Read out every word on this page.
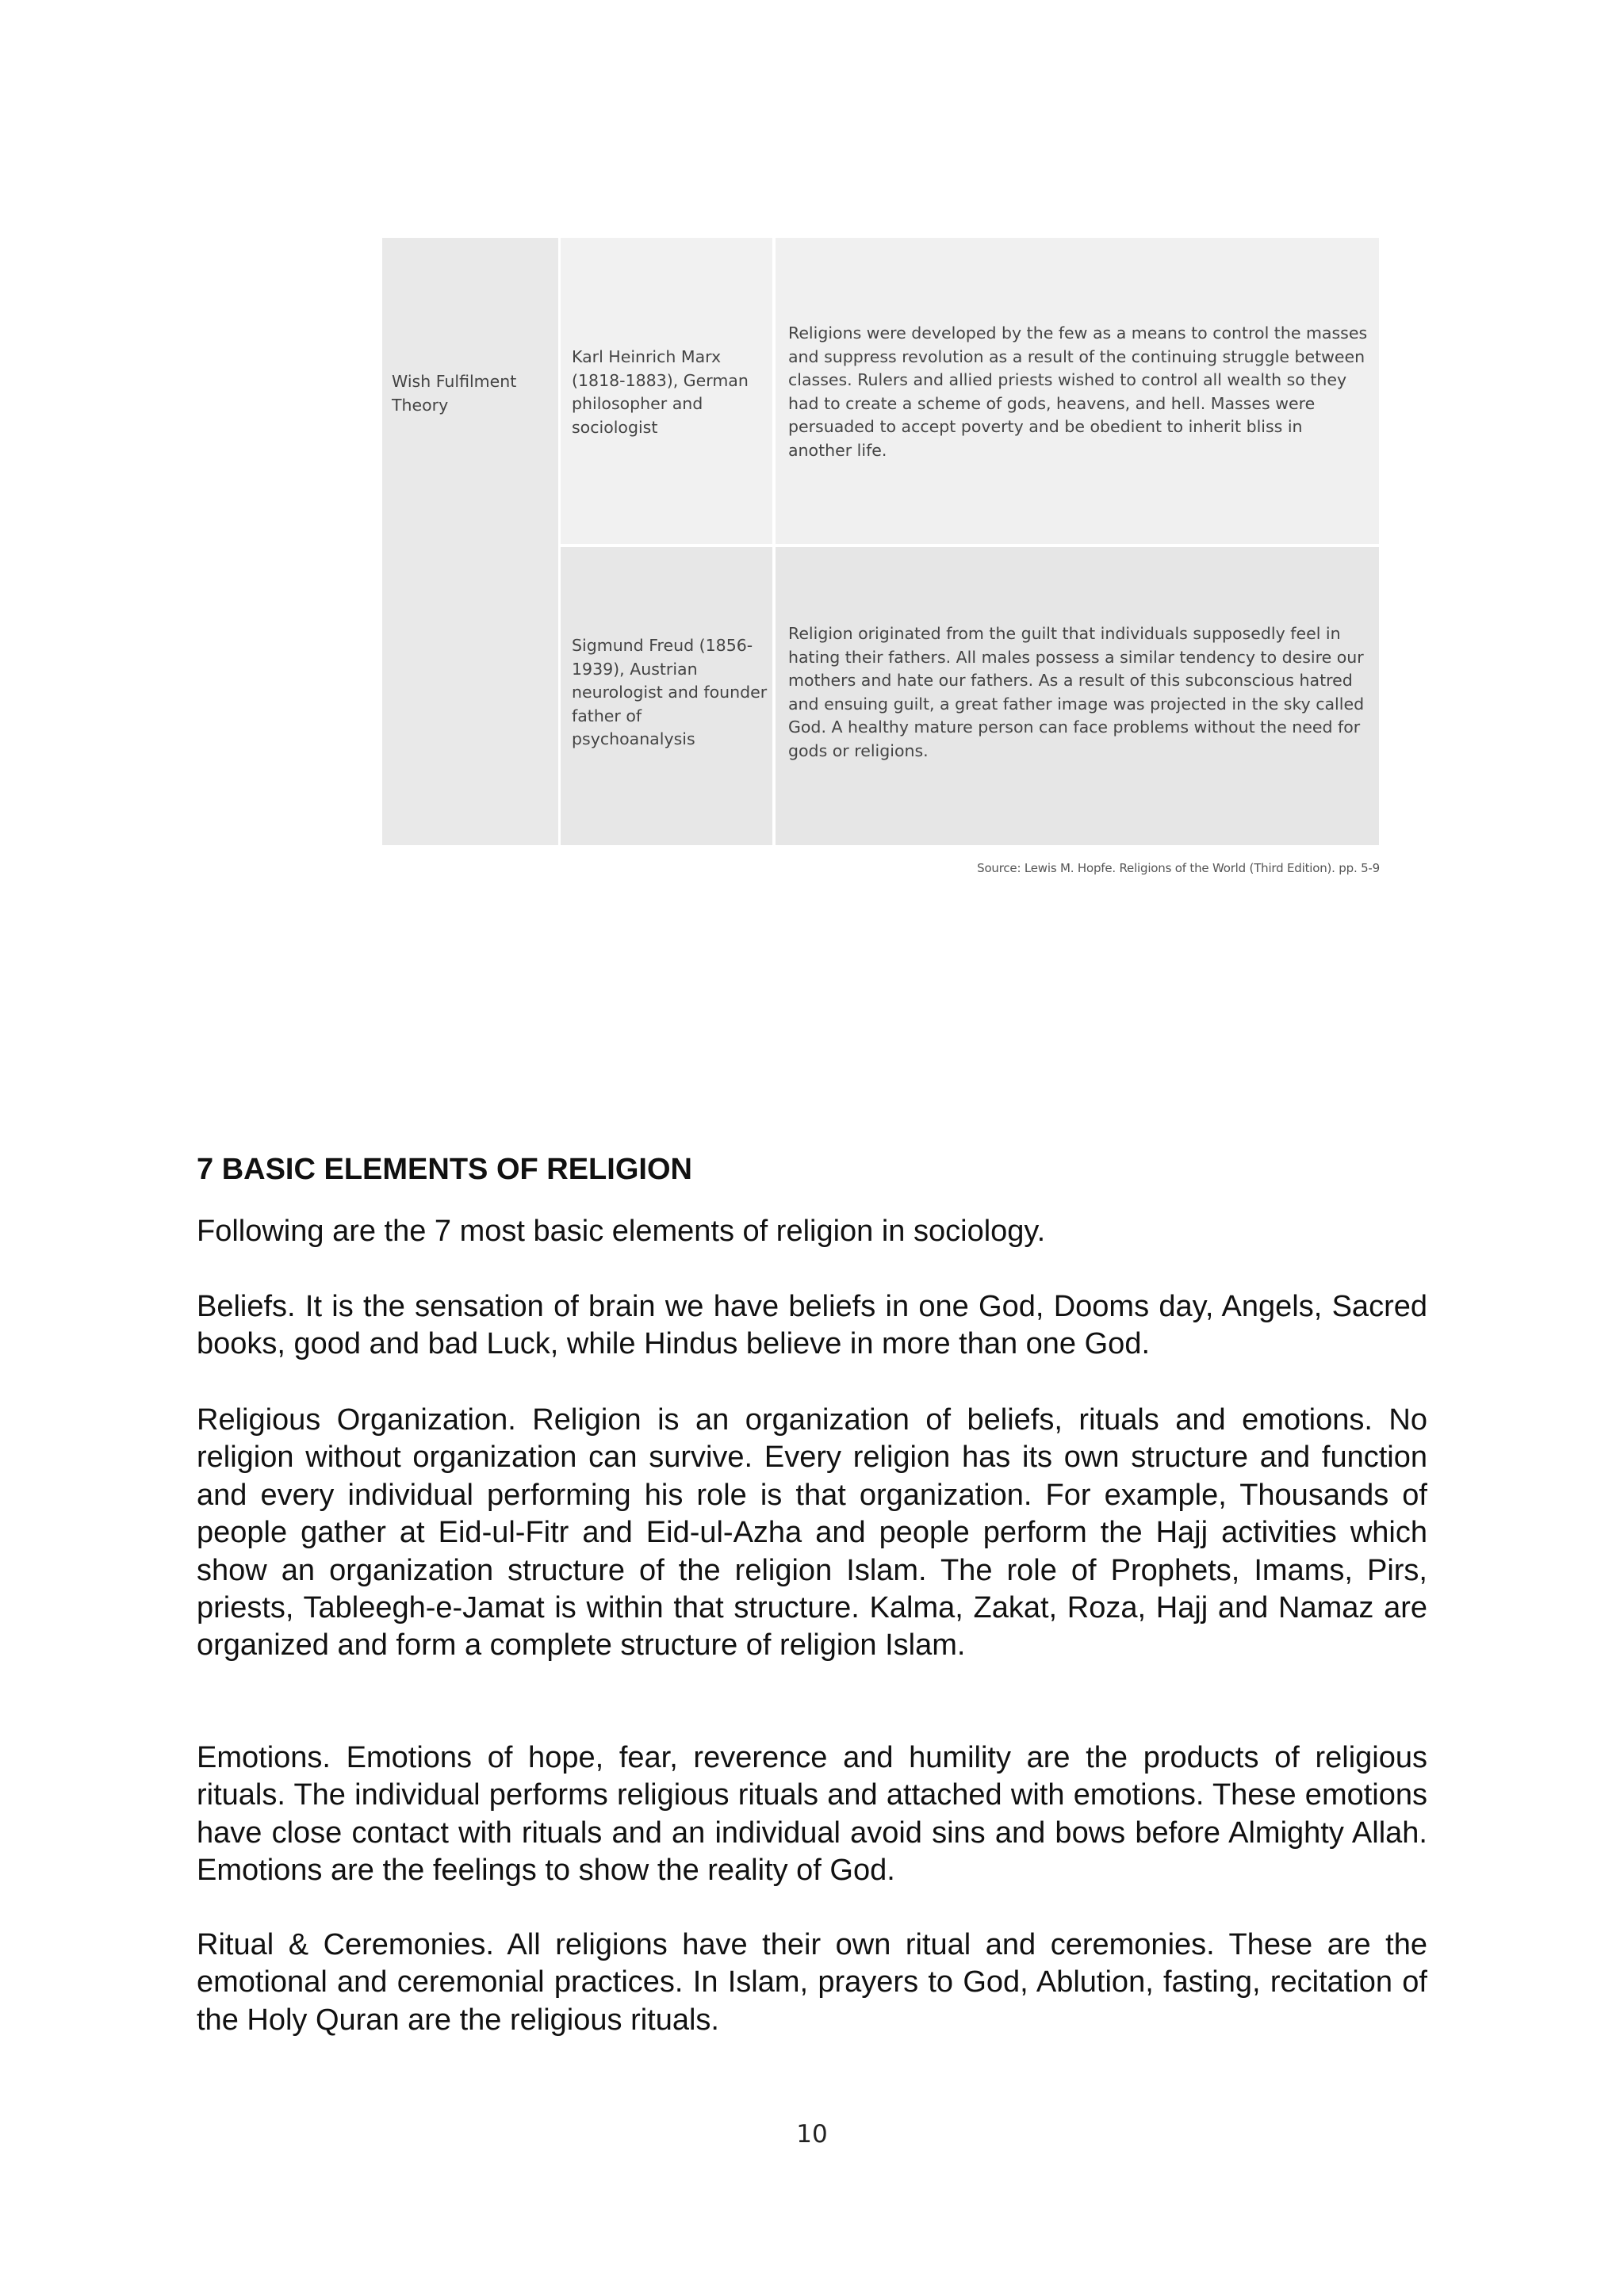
Wish Fulfilment Theory
Karl Heinrich Marx (1818-1883), German philosopher and sociologist
Religions were developed by the few as a means to control the masses and suppress revolution as a result of the continuing struggle between classes. Rulers and allied priests wished to control all wealth so they had to create a scheme of gods, heavens, and hell. Masses were persuaded to accept poverty and be obedient to inherit bliss in another life.
Sigmund Freud (1856-1939), Austrian neurologist and founder father of psychoanalysis
Religion originated from the guilt that individuals supposedly feel in hating their fathers. All males possess a similar tendency to desire our mothers and hate our fathers. As a result of this subconscious hatred and ensuing guilt, a great father image was projected in the sky called God. A healthy mature person can face problems without the need for gods or religions.
Source: Lewis M. Hopfe. Religions of the World (Third Edition). pp. 5-9
7 BASIC ELEMENTS OF RELIGION

Following are the 7 most basic elements of religion in sociology.

Beliefs. It is the sensation of brain we have beliefs in one God, Dooms day, Angels, Sacred books, good and bad Luck, while Hindus believe in more than one God.

Religious Organization. Religion is an organization of beliefs, rituals and emotions. No religion without organization can survive. Every religion has its own structure and function and every individual performing his role is that organization. For example, Thousands of people gather at Eid-ul-Fitr and Eid-ul-Azha and people perform the Hajj activities which show an organization structure of the religion Islam. The role of Prophets, Imams, Pirs, priests, Tableegh-e-Jamat is within that structure. Kalma, Zakat, Roza, Hajj and Namaz are organized and form a complete structure of religion Islam.

Emotions. Emotions of hope, fear, reverence and humility are the products of religious rituals. The individual performs religious rituals and attached with emotions. These emotions have close contact with rituals and an individual avoid sins and bows before Almighty Allah. Emotions are the feelings to show the reality of God.

Ritual & Ceremonies. All religions have their own ritual and ceremonies. These are the emotional and ceremonial practices. In Islam, prayers to God, Ablution, fasting, recitation of the Holy Quran are the religious rituals.

10
